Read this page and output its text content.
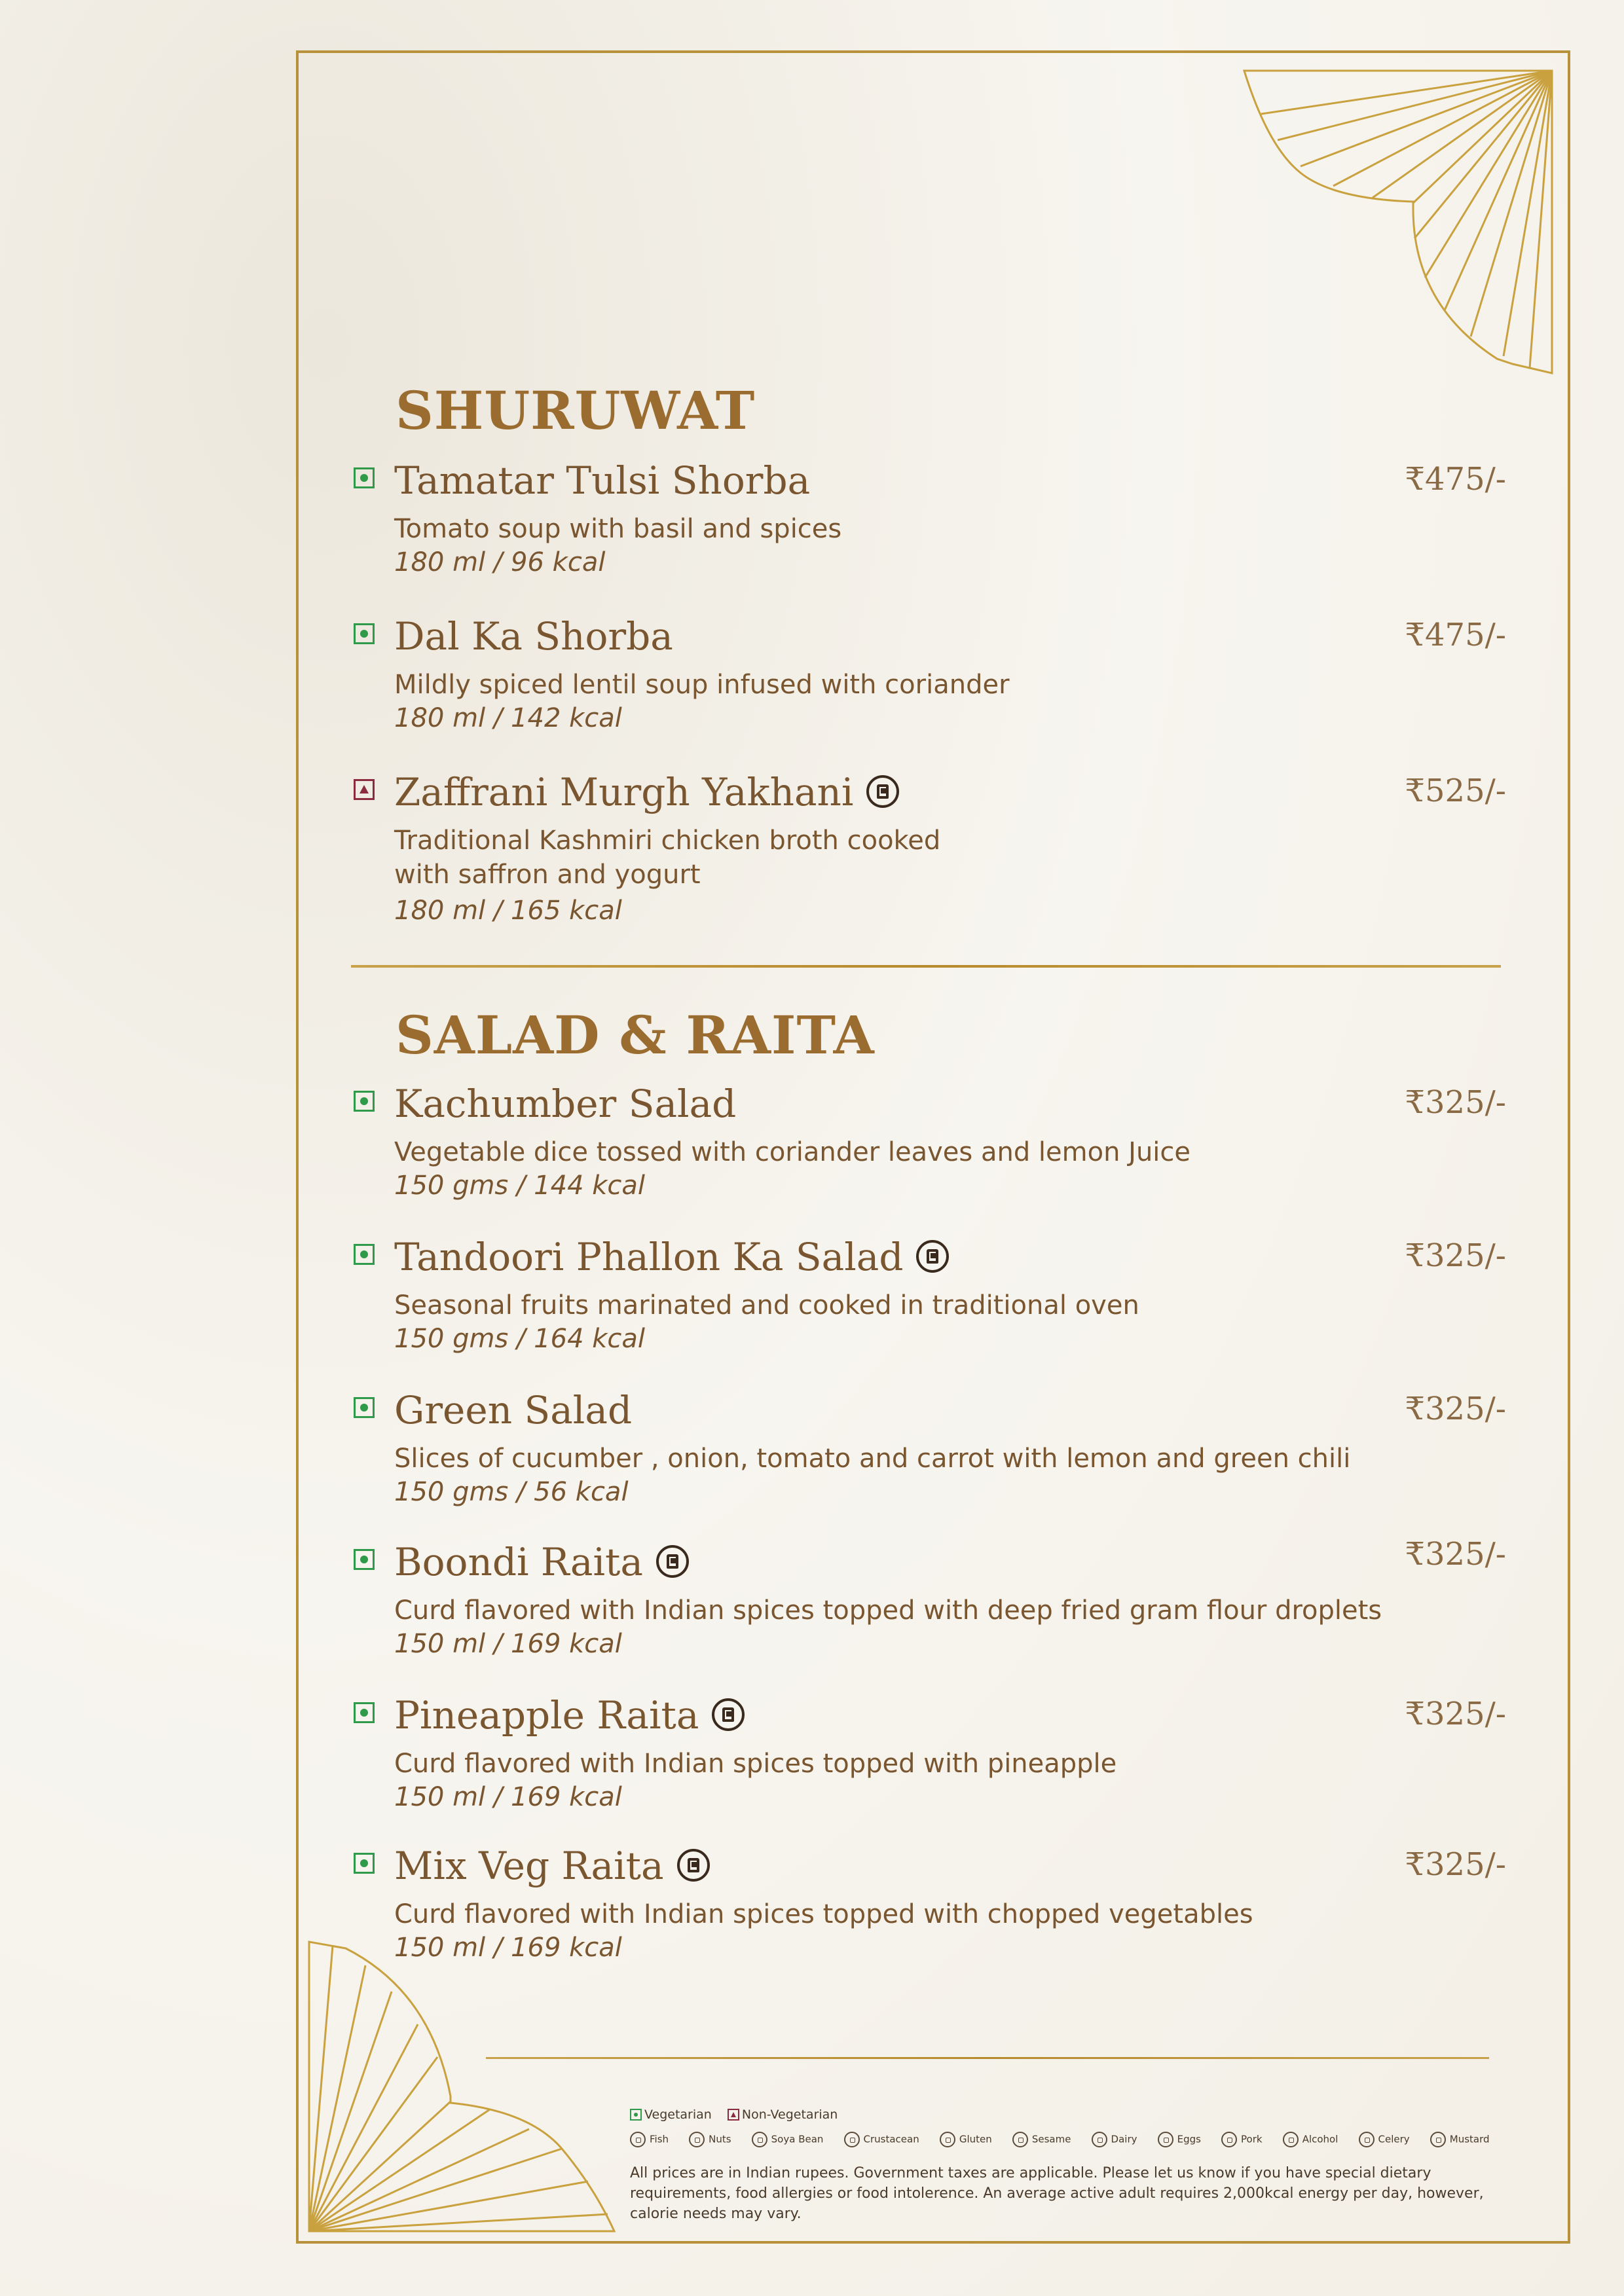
SHURUWAT
Tamatar Tulsi Shorba	₹475/-
Tomato soup with basil and spices
180 ml / 96 kcal
Dal Ka Shorba	₹475/-
Mildly spiced lentil soup infused with coriander
180 ml / 142 kcal
Zaffrani Murgh Yakhani	₹525/-
Traditional Kashmiri chicken broth cooked with saffron and yogurt
180 ml / 165 kcal
SALAD & RAITA
Kachumber Salad	₹325/-
Vegetable dice tossed with coriander leaves and lemon Juice
150 gms / 144 kcal
Tandoori Phallon Ka Salad	₹325/-
Seasonal fruits marinated and cooked in traditional oven
150 gms / 164 kcal
Green Salad	₹325/-
Slices of cucumber , onion, tomato and carrot with lemon and green chili
150 gms / 56 kcal
Boondi Raita	₹325/-
Curd flavored with Indian spices topped with deep fried gram flour droplets
150 ml / 169 kcal
Pineapple Raita	₹325/-
Curd flavored with Indian spices topped with pineapple
150 ml / 169 kcal
Mix Veg Raita	₹325/-
Curd flavored with Indian spices topped with chopped vegetables
150 ml / 169 kcal
Vegetarian Non-Vegetarian
Fish	Nuts	Soya Bean	Crustacean	Gluten	Sesame	Dairy	Eggs	Pork	Alcohol	Celery	Mustard
All prices are in Indian rupees. Government taxes are applicable. Please let us know if you have special dietary requirements, food allergies or food intolerence. An average active adult requires 2,000kcal energy per day, however, calorie needs may vary.
